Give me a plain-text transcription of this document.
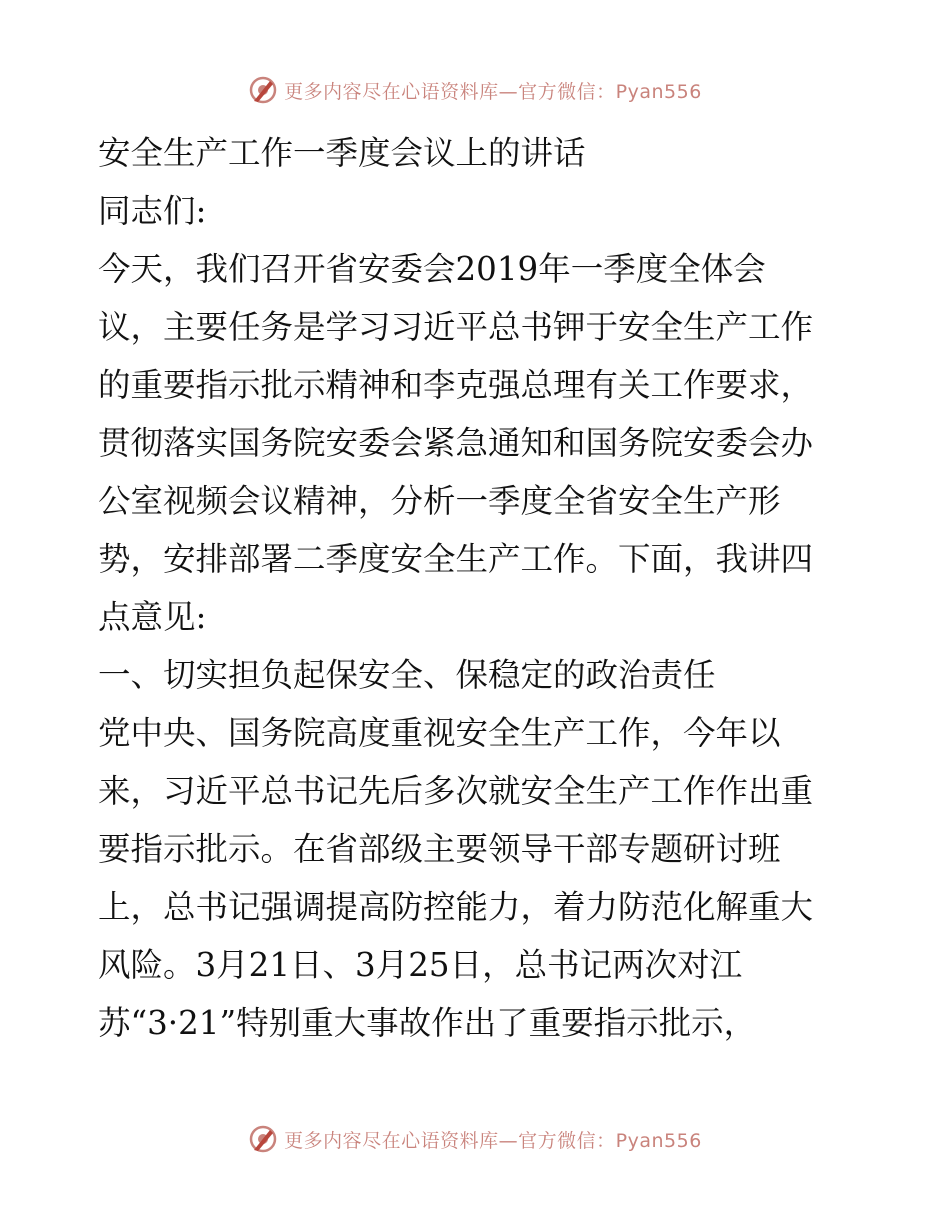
更多内容尽在心语资料库—官方微信：Pyan556
安全生产工作一季度会议上的讲话
同志们:
今天，我们召开省安委会2019年一季度全体会
议，主要任务是学习习近平总书钾于安全生产工作
的重要指示批示精神和李克强总理有关工作要求，
贯彻落实国务院安委会紧急通知和国务院安委会办
公室视频会议精神，分析一季度全省安全生产形
势，安排部署二季度安全生产工作。下面，我讲四
点意见:
一、切实担负起保安全、保稳定的政治责任
党中央、国务院高度重视安全生产工作，今年以
来，习近平总书记先后多次就安全生产工作作出重
要指示批示。在省部级主要领导干部专题研讨班
上，总书记强调提高防控能力，着力防范化解重大
风险。3月21日、3月25日，总书记两次对江
苏“3·21”特别重大事故作出了重要指示批示，
更多内容尽在心语资料库—官方微信：Pyan556
